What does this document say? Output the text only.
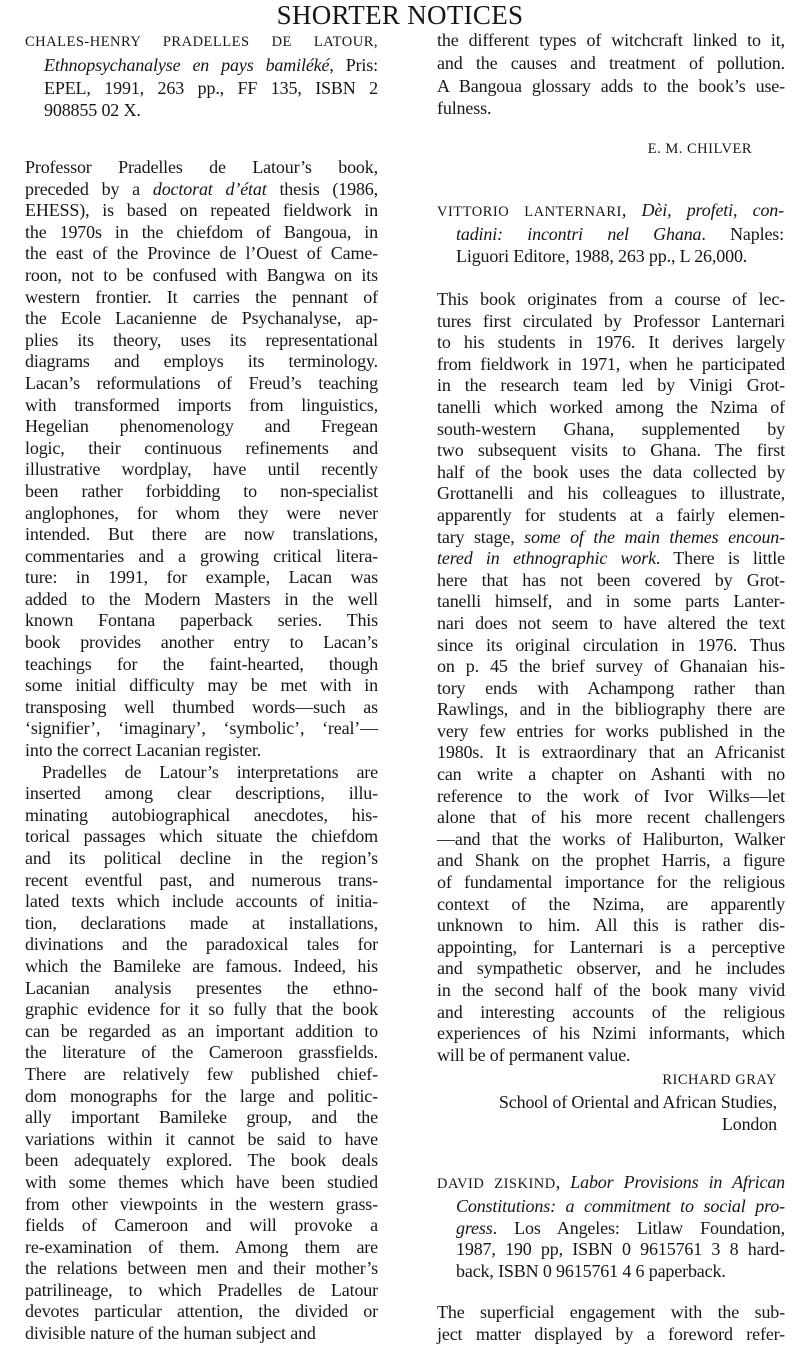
SHORTER NOTICES
CHALES-HENRY PRADELLES DE LATOUR,
Ethnopsychanalyse en pays bamiléké, Pris:
EPEL, 1991, 263 pp., FF 135, ISBN 2
908855 02 X.
Professor Pradelles de Latour’s book,
preceded by a doctorat d’état thesis (1986,
EHESS), is based on repeated fieldwork in
the 1970s in the chiefdom of Bangoua, in
the east of the Province de l’Ouest of Came-
roon, not to be confused with Bangwa on its
western frontier. It carries the pennant of
the Ecole Lacanienne de Psychanalyse, ap-
plies its theory, uses its representational
diagrams and employs its terminology.
Lacan’s reformulations of Freud’s teaching
with transformed imports from linguistics,
Hegelian phenomenology and Fregean
logic, their continuous refinements and
illustrative wordplay, have until recently
been rather forbidding to non-specialist
anglophones, for whom they were never
intended. But there are now translations,
commentaries and a growing critical litera-
ture: in 1991, for example, Lacan was
added to the Modern Masters in the well
known Fontana paperback series. This
book provides another entry to Lacan’s
teachings for the faint-hearted, though
some initial difficulty may be met with in
transposing well thumbed words—such as
‘signifier’, ‘imaginary’, ‘symbolic’, ‘real’—
into the correct Lacanian register.
Pradelles de Latour’s interpretations are
inserted among clear descriptions, illu-
minating autobiographical anecdotes, his-
torical passages which situate the chiefdom
and its political decline in the region’s
recent eventful past, and numerous trans-
lated texts which include accounts of initia-
tion, declarations made at installations,
divinations and the paradoxical tales for
which the Bamileke are famous. Indeed, his
Lacanian analysis presentes the ethno-
graphic evidence for it so fully that the book
can be regarded as an important addition to
the literature of the Cameroon grassfields.
There are relatively few published chief-
dom monographs for the large and politic-
ally important Bamileke group, and the
variations within it cannot be said to have
been adequately explored. The book deals
with some themes which have been studied
from other viewpoints in the western grass-
fields of Cameroon and will provoke a
re-examination of them. Among them are
the relations between men and their mother’s
patrilineage, to which Pradelles de Latour
devotes particular attention, the divided or
divisible nature of the human subject and
the different types of witchcraft linked to it,
and the causes and treatment of pollution.
A Bangoua glossary adds to the book’s use-
fulness.
E. M. CHILVER
VITTORIO LANTERNARI, Dèi, profeti, con-
tadini: incontri nel Ghana. Naples:
Liguori Editore, 1988, 263 pp., L 26,000.
This book originates from a course of lec-
tures first circulated by Professor Lanternari
to his students in 1976. It derives largely
from fieldwork in 1971, when he participated
in the research team led by Vinigi Grot-
tanelli which worked among the Nzima of
south-western Ghana, supplemented by
two subsequent visits to Ghana. The first
half of the book uses the data collected by
Grottanelli and his colleagues to illustrate,
apparently for students at a fairly elemen-
tary stage, some of the main themes encoun-
tered in ethnographic work. There is little
here that has not been covered by Grot-
tanelli himself, and in some parts Lanter-
nari does not seem to have altered the text
since its original circulation in 1976. Thus
on p. 45 the brief survey of Ghanaian his-
tory ends with Achampong rather than
Rawlings, and in the bibliography there are
very few entries for works published in the
1980s. It is extraordinary that an Africanist
can write a chapter on Ashanti with no
reference to the work of Ivor Wilks—let
alone that of his more recent challengers
—and that the works of Haliburton, Walker
and Shank on the prophet Harris, a figure
of fundamental importance for the religious
context of the Nzima, are apparently
unknown to him. All this is rather dis-
appointing, for Lanternari is a perceptive
and sympathetic observer, and he includes
in the second half of the book many vivid
and interesting accounts of the religious
experiences of his Nzimi informants, which
will be of permanent value.
RICHARD GRAY
School of Oriental and African Studies,
London
DAVID ZISKIND, Labor Provisions in African
Constitutions: a commitment to social pro-
gress. Los Angeles: Litlaw Foundation,
1987, 190 pp, ISBN 0 9615761 3 8 hard-
back, ISBN 0 9615761 4 6 paperback.
The superficial engagement with the sub-
ject matter displayed by a foreword refer-
